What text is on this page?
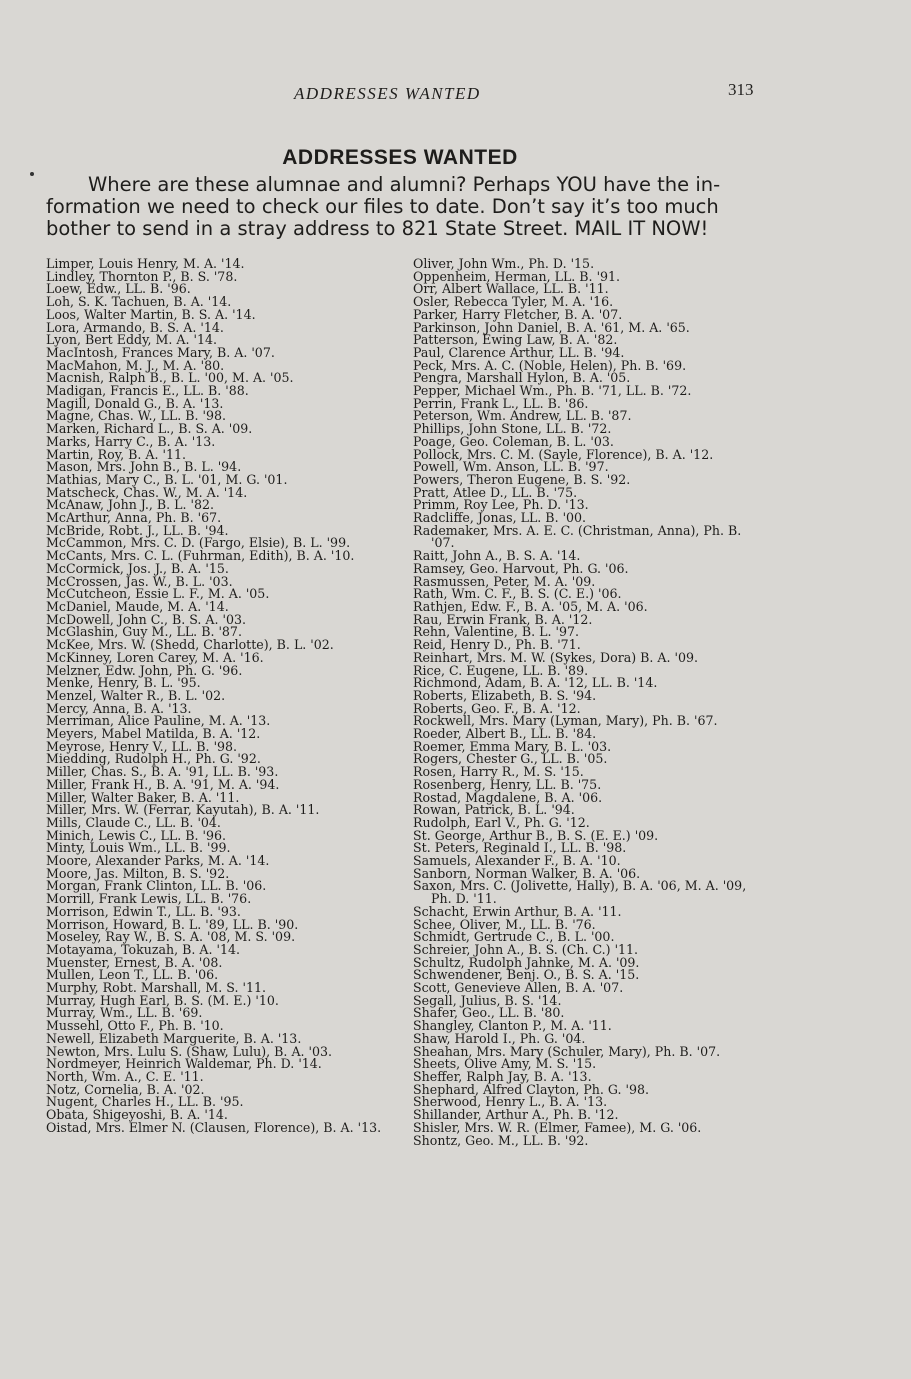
ADDRESSES WANTED	313
ADDRESSES WANTED

Where are these alumnae and alumni? Perhaps YOU have the in-
formation we need to check our files to date. Don’t say it’s too much
bother to send in a stray address to 821 State Street. MAIL IT NOW!

Limper, Louis Henry, M. A. '14.
Lindley, Thornton P., B. S. '78.
Loew, Edw., LL. B. '96.
Loh, S. K. Tachuen, B. A. '14.
Loos, Walter Martin, B. S. A. '14.
Lora, Armando, B. S. A. '14.
Lyon, Bert Eddy, M. A. '14.
MacIntosh, Frances Mary, B. A. '07.
MacMahon, M. J., M. A. '80.
Macnish, Ralph B., B. L. '00, M. A. '05.
Madigan, Francis E., LL. B. '88.
Magill, Donald G., B. A. '13.
Magne, Chas. W., LL. B. '98.
Marken, Richard L., B. S. A. '09.
Marks, Harry C., B. A. '13.
Martin, Roy, B. A. '11.
Mason, Mrs. John B., B. L. '94.
Mathias, Mary C., B. L. '01, M. G. '01.
Matscheck, Chas. W., M. A. '14.
McAnaw, John J., B. L. '82.
McArthur, Anna, Ph. B. '67.
McBride, Robt. J., LL. B. '94.
McCammon, Mrs. C. D. (Fargo, Elsie), B. L. '99.
McCants, Mrs. C. L. (Fuhrman, Edith), B. A. '10.
McCormick, Jos. J., B. A. '15.
McCrossen, Jas. W., B. L. '03.
McCutcheon, Essie L. F., M. A. '05.
McDaniel, Maude, M. A. '14.
McDowell, John C., B. S. A. '03.
McGlashin, Guy M., LL. B. '87.
McKee, Mrs. W. (Shedd, Charlotte), B. L. '02.
McKinney, Loren Carey, M. A. '16.
Melzner, Edw. John, Ph. G. '96.
Menke, Henry, B. L. '95.
Menzel, Walter R., B. L. '02.
Mercy, Anna, B. A. '13.
Merriman, Alice Pauline, M. A. '13.
Meyers, Mabel Matilda, B. A. '12.
Meyrose, Henry V., LL. B. '98.
Miedding, Rudolph H., Ph. G. '92.
Miller, Chas. S., B. A. '91, LL. B. '93.
Miller, Frank H., B. A. '91, M. A. '94.
Miller, Walter Baker, B. A. '11.
Miller, Mrs. W. (Ferrar, Kayutah), B. A. '11.
Mills, Claude C., LL. B. '04.
Minich, Lewis C., LL. B. '96.
Minty, Louis Wm., LL. B. '99.
Moore, Alexander Parks, M. A. '14.
Moore, Jas. Milton, B. S. '92.
Morgan, Frank Clinton, LL. B. '06.
Morrill, Frank Lewis, LL. B. '76.
Morrison, Edwin T., LL. B. '93.
Morrison, Howard, B. L. '89, LL. B. '90.
Moseley, Ray W., B. S. A. '08, M. S. '09.
Motayama, Tokuzah, B. A. '14.
Muenster, Ernest, B. A. '08.
Mullen, Leon T., LL. B. '06.
Murphy, Robt. Marshall, M. S. '11.
Murray, Hugh Earl, B. S. (M. E.) '10.
Murray, Wm., LL. B. '69.
Mussehl, Otto F., Ph. B. '10.
Newell, Elizabeth Marguerite, B. A. '13.
Newton, Mrs. Lulu S. (Shaw, Lulu), B. A. '03.
Nordmeyer, Heinrich Waldemar, Ph. D. '14.
North, Wm. A., C. E. '11.
Notz, Cornelia, B. A. '02.
Nugent, Charles H., LL. B. '95.
Obata, Shigeyoshi, B. A. '14.
Oistad, Mrs. Elmer N. (Clausen, Florence), B. A. '13.
Oliver, John Wm., Ph. D. '15.
Oppenheim, Herman, LL. B. '91.
Orr, Albert Wallace, LL. B. '11.
Osler, Rebecca Tyler, M. A. '16.
Parker, Harry Fletcher, B. A. '07.
Parkinson, John Daniel, B. A. '61, M. A. '65.
Patterson, Ewing Law, B. A. '82.
Paul, Clarence Arthur, LL. B. '94.
Peck, Mrs. A. C. (Noble, Helen), Ph. B. '69.
Pengra, Marshall Hylon, B. A. '05.
Pepper, Michael Wm., Ph. B. '71, LL. B. '72.
Perrin, Frank L., LL. B. '86.
Peterson, Wm. Andrew, LL. B. '87.
Phillips, John Stone, LL. B. '72.
Poage, Geo. Coleman, B. L. '03.
Pollock, Mrs. C. M. (Sayle, Florence), B. A. '12.
Powell, Wm. Anson, LL. B. '97.
Powers, Theron Eugene, B. S. '92.
Pratt, Atlee D., LL. B. '75.
Primm, Roy Lee, Ph. D. '13.
Radcliffe, Jonas, LL. B. '00.
Rademaker, Mrs. A. E. C. (Christman, Anna), Ph. B. '07.
Raitt, John A., B. S. A. '14.
Ramsey, Geo. Harvout, Ph. G. '06.
Rasmussen, Peter, M. A. '09.
Rath, Wm. C. F., B. S. (C. E.) '06.
Rathjen, Edw. F., B. A. '05, M. A. '06.
Rau, Erwin Frank, B. A. '12.
Rehn, Valentine, B. L. '97.
Reid, Henry D., Ph. B. '71.
Reinhart, Mrs. M. W. (Sykes, Dora) B. A. '09.
Rice, C. Eugene, LL. B. '89.
Richmond, Adam, B. A. '12, LL. B. '14.
Roberts, Elizabeth, B. S. '94.
Roberts, Geo. F., B. A. '12.
Rockwell, Mrs. Mary (Lyman, Mary), Ph. B. '67.
Roeder, Albert B., LL. B. '84.
Roemer, Emma Mary, B. L. '03.
Rogers, Chester G., LL. B. '05.
Rosen, Harry R., M. S. '15.
Rosenberg, Henry, LL. B. '75.
Rostad, Magdalene, B. A. '06.
Rowan, Patrick, B. L. '94.
Rudolph, Earl V., Ph. G. '12.
St. George, Arthur B., B. S. (E. E.) '09.
St. Peters, Reginald I., LL. B. '98.
Samuels, Alexander F., B. A. '10.
Sanborn, Norman Walker, B. A. '06.
Saxon, Mrs. C. (Jolivette, Hally), B. A. '06, M. A. '09, Ph. D. '11.
Schacht, Erwin Arthur, B. A. '11.
Schee, Oliver, M., LL. B. '76.
Schmidt, Gertrude C., B. L. '00.
Schreier, John A., B. S. (Ch. C.) '11.
Schultz, Rudolph Jahnke, M. A. '09.
Schwendener, Benj. O., B. S. A. '15.
Scott, Genevieve Allen, B. A. '07.
Segall, Julius, B. S. '14.
Shafer, Geo., LL. B. '80.
Shangley, Clanton P., M. A. '11.
Shaw, Harold I., Ph. G. '04.
Sheahan, Mrs. Mary (Schuler, Mary), Ph. B. '07.
Sheets, Olive Amy, M. S. '15.
Sheffer, Ralph Jay, B. A. '13.
Shephard, Alfred Clayton, Ph. G. '98.
Sherwood, Henry L., B. A. '13.
Shillander, Arthur A., Ph. B. '12.
Shisler, Mrs. W. R. (Elmer, Famee), M. G. '06.
Shontz, Geo. M., LL. B. '92.
